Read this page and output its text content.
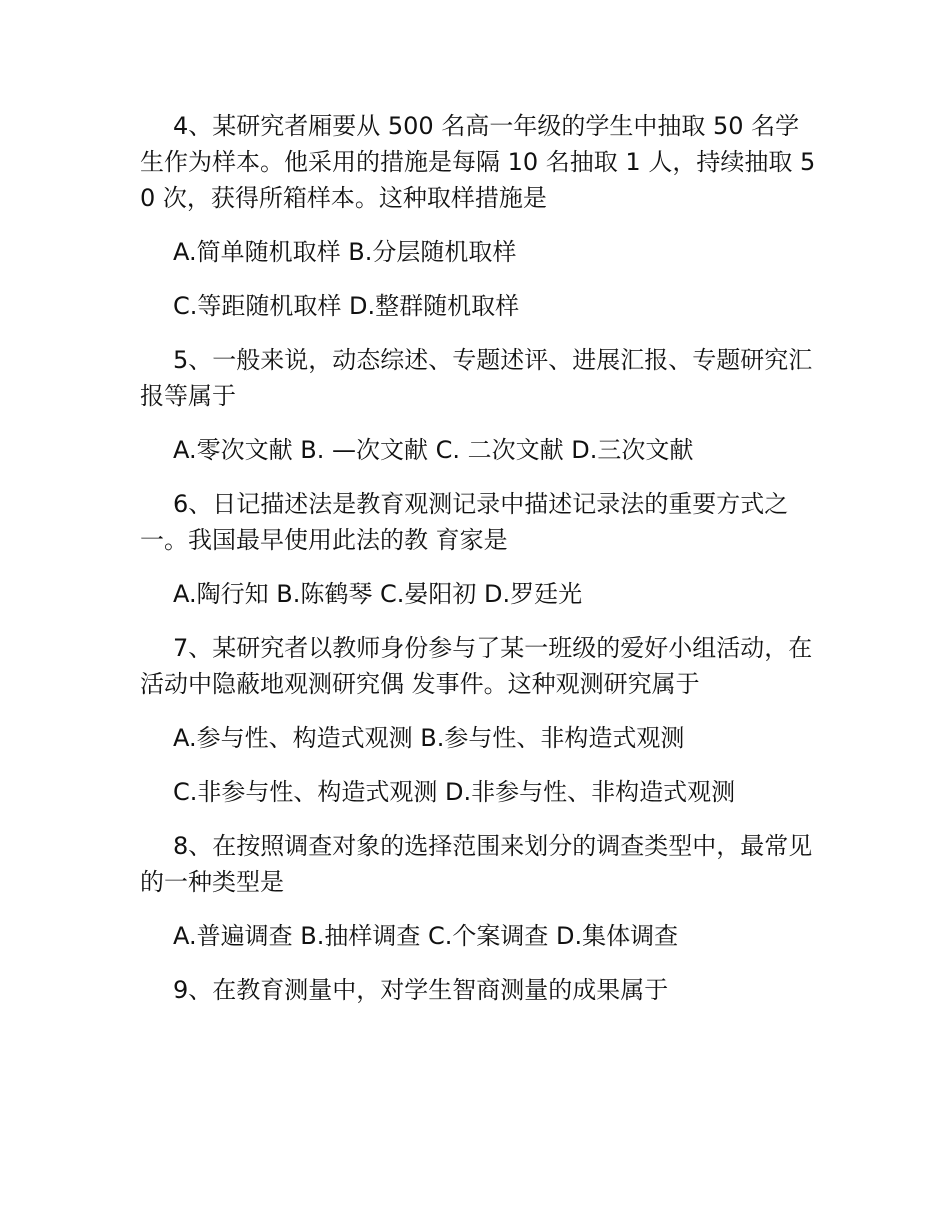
4、某研究者厢要从 500 名高一年级的学生中抽取 50 名学生作为样本。他采用的措施是每隔 10 名抽取 1 人，持续抽取 50 次，获得所箱样本。这种取样措施是

A.简单随机取样 B.分层随机取样

C.等距随机取样 D.整群随机取样

5、一般来说，动态综述、专题述评、进展汇报、专题研究汇报等属于

A.零次文献 B. —次文献 C. 二次文献 D.三次文献

6、日记描述法是教育观测记录中描述记录法的重要方式之一。我国最早使用此法的教 育家是

A.陶行知 B.陈鹤琴 C.晏阳初 D.罗廷光

7、某研究者以教师身份参与了某一班级的爱好小组活动，在活动中隐蔽地观测研究偶 发事件。这种观测研究属于

A.参与性、构造式观测 B.参与性、非构造式观测

C.非参与性、构造式观测 D.非参与性、非构造式观测

8、在按照调查对象的选择范围来划分的调查类型中，最常见的一种类型是

A.普遍调查 B.抽样调查 C.个案调查 D.集体调查

9、在教育测量中，对学生智商测量的成果属于
